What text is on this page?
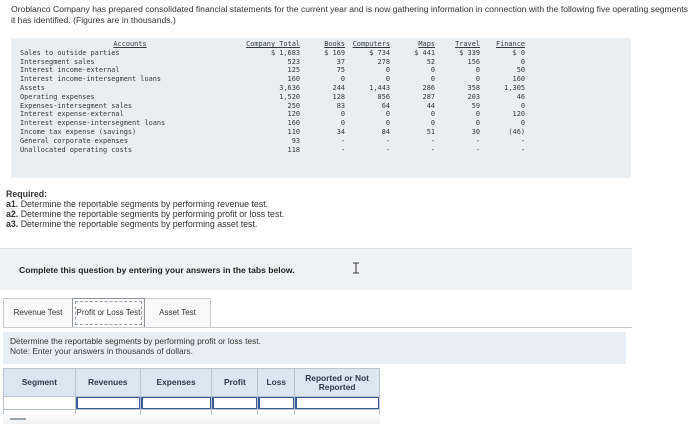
Oroblanco Company has prepared consolidated financial statements for the current year and is now gathering information in connection with the following five operating segments it has identified. (Figures are in thousands.)
Accounts	Company Total	Books	Computers	Maps	Travel	Finance
Sales to outside parties	$ 1,683	$ 169	$ 734	$ 441	$ 339	$ 0
Intersegment sales	523	37	278	52	156	0
Interest income-external	125	75	0	0	0	50
Interest income-intersegment loans	160	0	0	0	0	160
Assets	3,636	244	1,443	286	358	1,305
Operating expenses	1,520	128	856	287	203	46
Expenses-intersegment sales	250	83	64	44	59	0
Interest expense-external	120	0	0	0	0	120
Interest expense-intersegment loans	160	0	0	0	0	0
Income tax expense (savings)	110	34	84	51	30	(46)
General corporate expenses	93	-	-	-	-	-
Unallocated operating costs	118	-	-	-	-	-
Required:
a1. Determine the reportable segments by performing revenue test.
a2. Determine the reportable segments by performing profit or loss test.
a3. Determine the reportable segments by performing asset test.
Complete this question by entering your answers in the tabs below.
Revenue Test	Profit or Loss Test	Asset Test
Determine the reportable segments by performing profit or loss test.
Note: Enter your answers in thousands of dollars.
Segment	Revenues	Expenses	Profit	Loss	Reported or Not Reported
